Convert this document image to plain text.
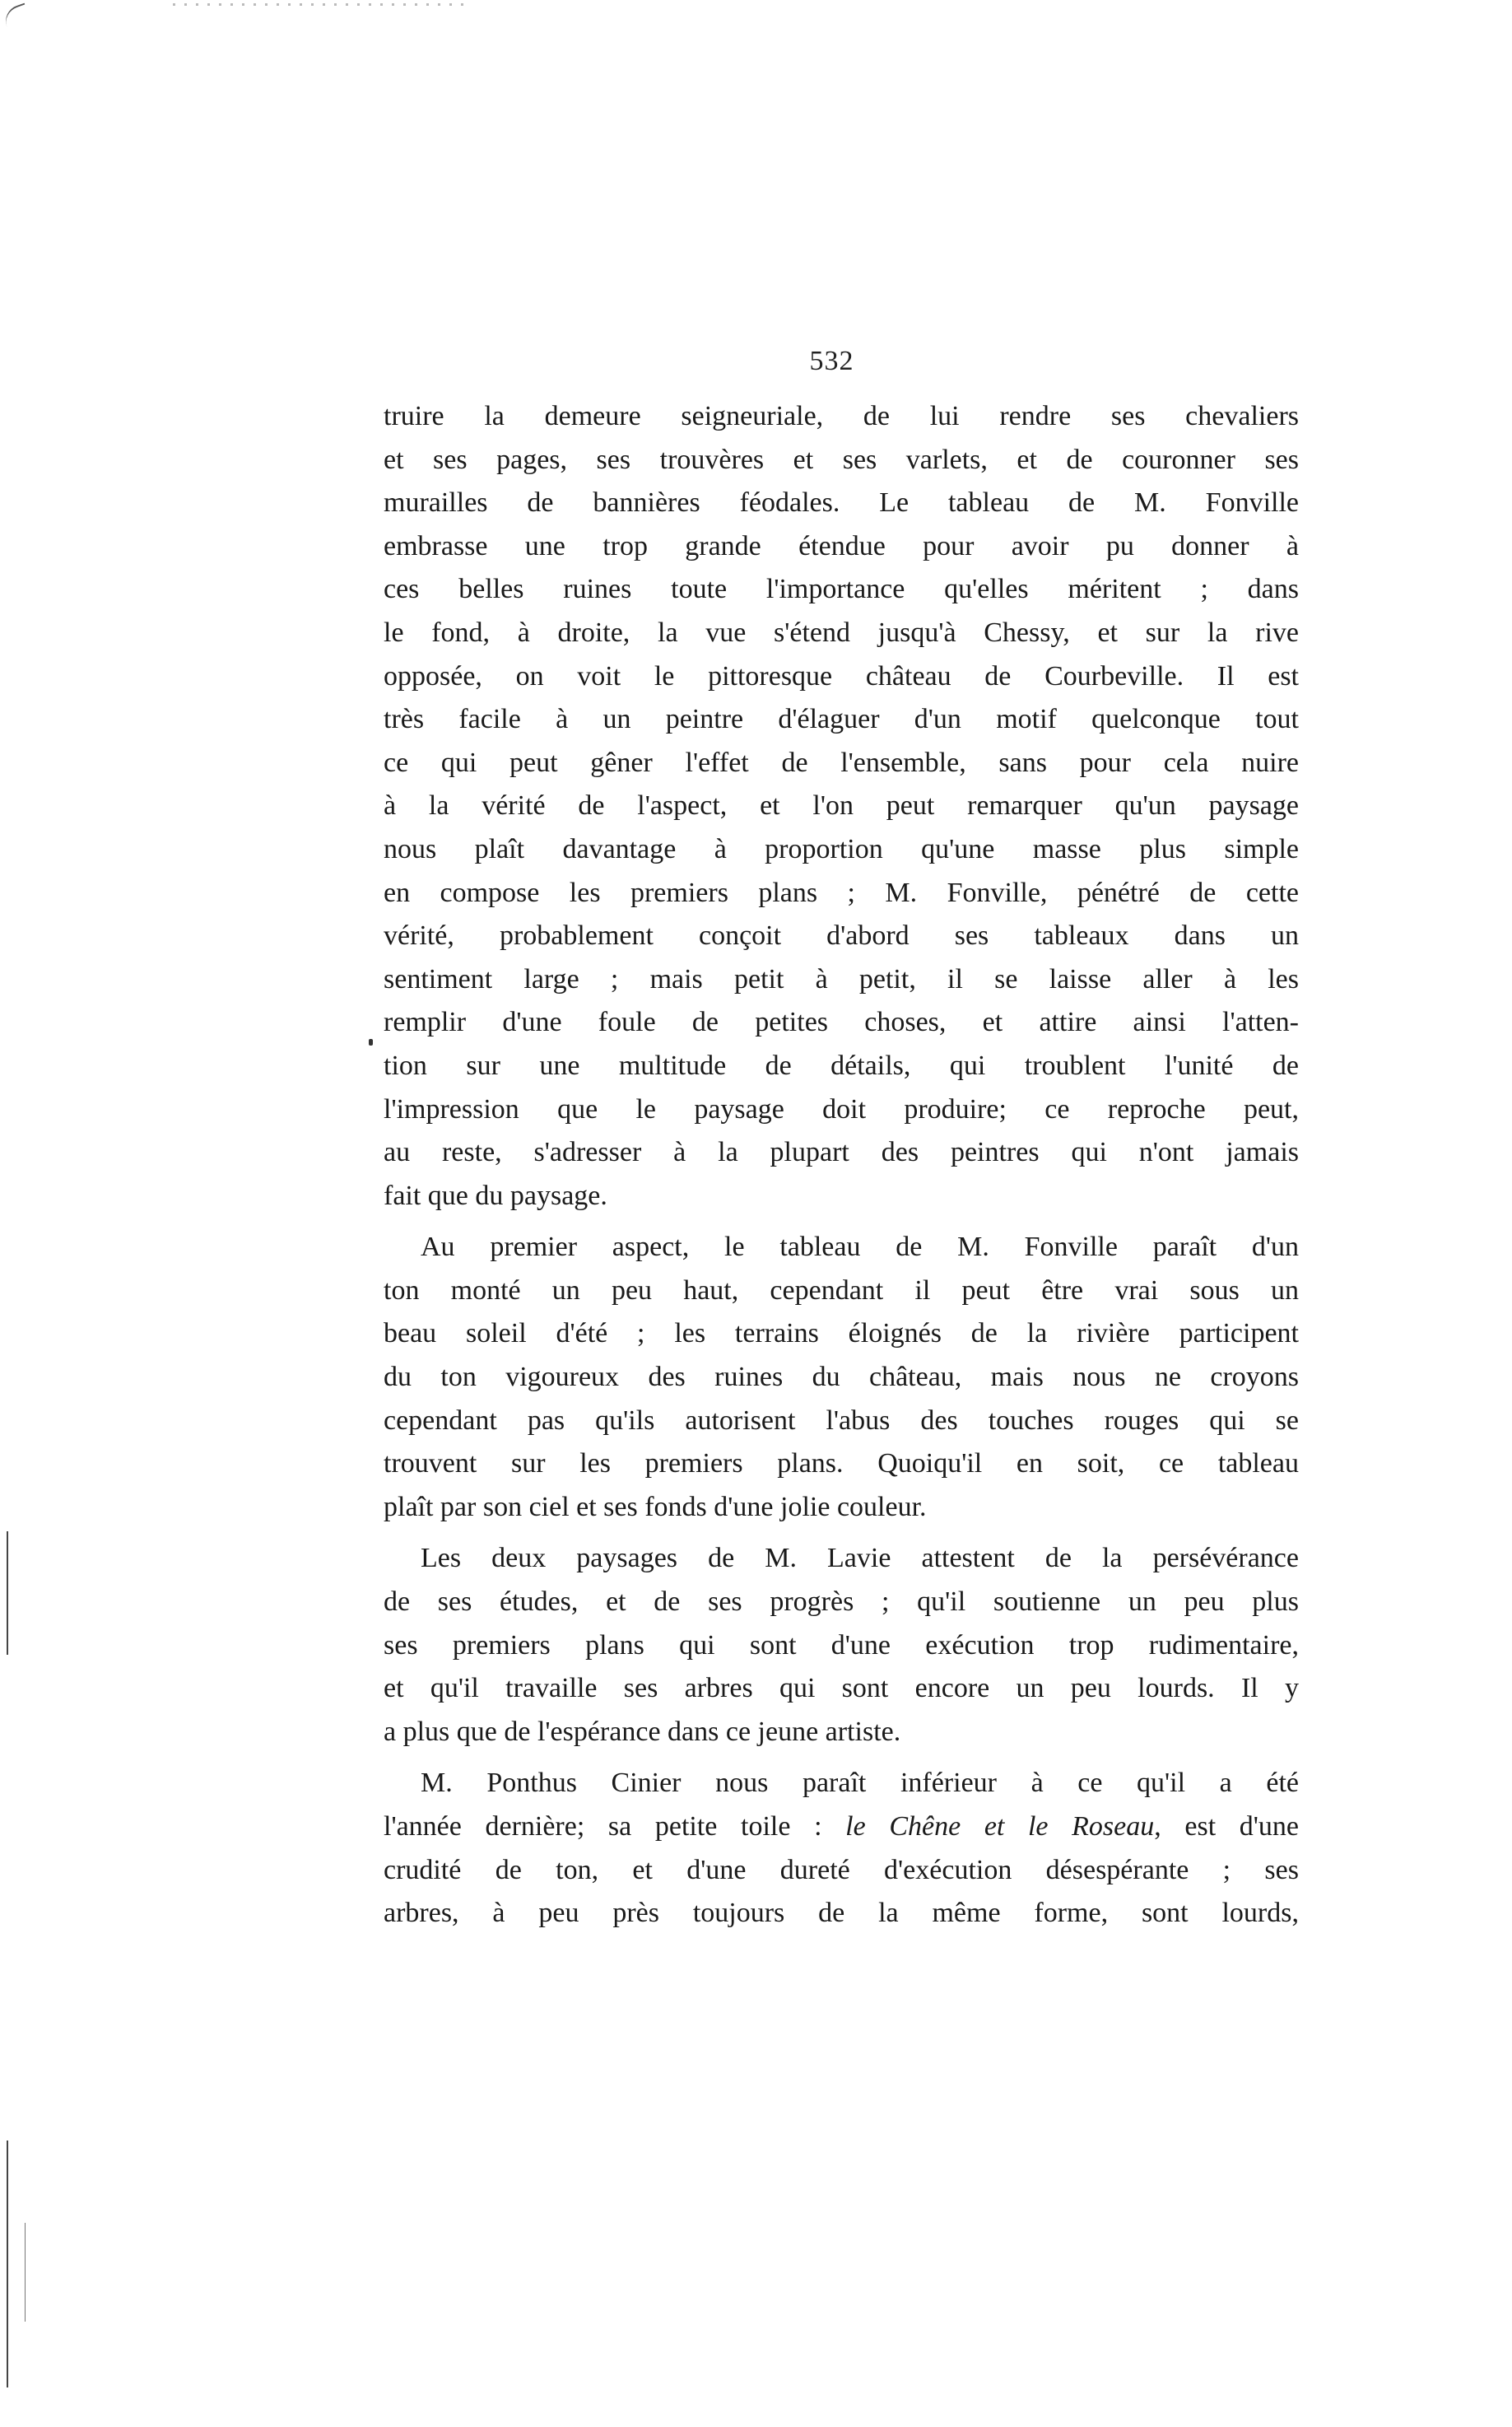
532
truire la demeure seigneuriale, de lui rendre ses chevaliers
et ses pages, ses trouvères et ses varlets, et de couronner ses
murailles de bannières féodales. Le tableau de M. Fonville
embrasse une trop grande étendue pour avoir pu donner à
ces belles ruines toute l'importance qu'elles méritent ; dans
le fond, à droite, la vue s'étend jusqu'à Chessy, et sur la rive
opposée, on voit le pittoresque château de Courbeville. Il est
très facile à un peintre d'élaguer d'un motif quelconque tout
ce qui peut gêner l'effet de l'ensemble, sans pour cela nuire
à la vérité de l'aspect, et l'on peut remarquer qu'un paysage
nous plaît davantage à proportion qu'une masse plus simple
en compose les premiers plans ; M. Fonville, pénétré de cette
vérité, probablement conçoit d'abord ses tableaux dans un
sentiment large ; mais petit à petit, il se laisse aller à les
remplir d'une foule de petites choses, et attire ainsi l'atten-
tion sur une multitude de détails, qui troublent l'unité de
l'impression que le paysage doit produire; ce reproche peut,
au reste, s'adresser à la plupart des peintres qui n'ont jamais
fait que du paysage.
Au premier aspect, le tableau de M. Fonville paraît d'un
ton monté un peu haut, cependant il peut être vrai sous un
beau soleil d'été ; les terrains éloignés de la rivière participent
du ton vigoureux des ruines du château, mais nous ne croyons
cependant pas qu'ils autorisent l'abus des touches rouges qui se
trouvent sur les premiers plans. Quoiqu'il en soit, ce tableau
plaît par son ciel et ses fonds d'une jolie couleur.
Les deux paysages de M. Lavie attestent de la persévérance
de ses études, et de ses progrès ; qu'il soutienne un peu plus
ses premiers plans qui sont d'une exécution trop rudimentaire,
et qu'il travaille ses arbres qui sont encore un peu lourds. Il y
a plus que de l'espérance dans ce jeune artiste.
M. Ponthus Cinier nous paraît inférieur à ce qu'il a été
l'année dernière; sa petite toile : le Chêne et le Roseau, est d'une
crudité de ton, et d'une dureté d'exécution désespérante ; ses
arbres, à peu près toujours de la même forme, sont lourds,
